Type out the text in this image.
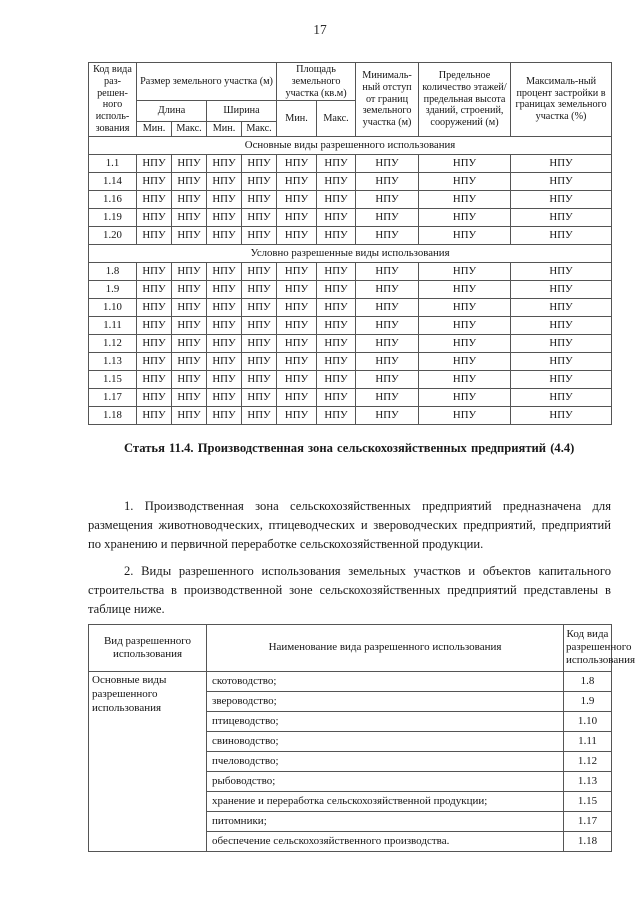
17
Код вида раз-решен-ного исполь-зования	Размер земельного участка (м)				Площадь земельного участка (кв.м)		Минималь-ный отступ от границ земельного участка (м)	Предельное количество этажей/ предельная высота зданий, строений, сооружений (м)	Максималь-ный процент застройки в границах земельного участка (%)
	Длина		Ширина		Мин.	Макс.			
	Мин.	Макс.	Мин.	Макс.					
Основные виды разрешенного использования									
1.1	НПУ	НПУ	НПУ	НПУ	НПУ	НПУ	НПУ	НПУ	НПУ
1.14	НПУ	НПУ	НПУ	НПУ	НПУ	НПУ	НПУ	НПУ	НПУ
1.16	НПУ	НПУ	НПУ	НПУ	НПУ	НПУ	НПУ	НПУ	НПУ
1.19	НПУ	НПУ	НПУ	НПУ	НПУ	НПУ	НПУ	НПУ	НПУ
1.20	НПУ	НПУ	НПУ	НПУ	НПУ	НПУ	НПУ	НПУ	НПУ
Условно разрешенные виды использования									
1.8	НПУ	НПУ	НПУ	НПУ	НПУ	НПУ	НПУ	НПУ	НПУ
1.9	НПУ	НПУ	НПУ	НПУ	НПУ	НПУ	НПУ	НПУ	НПУ
1.10	НПУ	НПУ	НПУ	НПУ	НПУ	НПУ	НПУ	НПУ	НПУ
1.11	НПУ	НПУ	НПУ	НПУ	НПУ	НПУ	НПУ	НПУ	НПУ
1.12	НПУ	НПУ	НПУ	НПУ	НПУ	НПУ	НПУ	НПУ	НПУ
1.13	НПУ	НПУ	НПУ	НПУ	НПУ	НПУ	НПУ	НПУ	НПУ
1.15	НПУ	НПУ	НПУ	НПУ	НПУ	НПУ	НПУ	НПУ	НПУ
1.17	НПУ	НПУ	НПУ	НПУ	НПУ	НПУ	НПУ	НПУ	НПУ
1.18	НПУ	НПУ	НПУ	НПУ	НПУ	НПУ	НПУ	НПУ	НПУ
Статья 11.4. Производственная зона сельскохозяйственных предприятий (4.4)
1. Производственная зона сельскохозяйственных предприятий предназначена для размещения животноводческих, птицеводческих и звероводческих предприятий, предприятий по хранению и первичной переработке сельскохозяйственной продукции.
2. Виды разрешенного использования земельных участков и объектов капитального строительства в производственной зоне сельскохозяйственных предприятий представлены в таблице ниже.
Вид разрешенного использования	Наименование вида разрешенного использования	Код вида разрешенного использования
Основные виды разрешенного использования	скотоводство;	1.8
	звероводство;	1.9
	птицеводство;	1.10
	свиноводство;	1.11
	пчеловодство;	1.12
	рыбоводство;	1.13
	хранение и переработка сельскохозяйственной продукции;	1.15
	питомники;	1.17
	обеспечение сельскохозяйственного производства.	1.18
